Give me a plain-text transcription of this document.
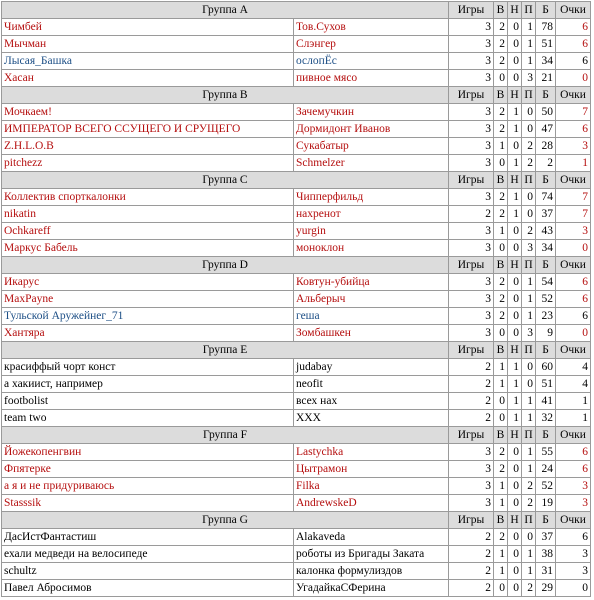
Группа A		Игры	В	Н	П	Б	Очки
Чимбей	Тов.Сухов	3	2	0	1	78	6
Мычман	Слэнгер	3	2	0	1	51	6
Лысая_Башка	ослопЁс	3	2	0	1	34	6
Хасан	пивное мясо	3	0	0	3	21	0
Группа B		Игры	В	Н	П	Б	Очки
Мочкаем!	Зачемучкин	3	2	1	0	50	7
ИМПЕРАТОР ВСЕГО ССУЩЕГО И СРУЩЕГО	Дормидонт Иванов	3	2	1	0	47	6
Z.H.L.O.B	Сукабатыр	3	1	0	2	28	3
pitchezz	Schmelzer	3	0	1	2	2	1
Группа C		Игры	В	Н	П	Б	Очки
Коллектив спорткалонки	Чипперфильд	3	2	1	0	74	7
nikatin	нахренот	2	2	1	0	37	7
Ochkareff	yurgin	3	1	0	2	43	3
Маркус Бабель	моноклон	3	0	0	3	34	0
Группа D		Игры	В	Н	П	Б	Очки
Икарус	Ковтун-убийца	3	2	0	1	54	6
MaxPayne	Альберыч	3	2	0	1	52	6
Тульской Аружейнег_71	геша	3	2	0	1	23	6
Хантяра	Зомбашкен	3	0	0	3	9	0
Группа E		Игры	В	Н	П	Б	Очки
красиффый чорт конст	judabay	2	1	1	0	60	4
а хакиист, например	neofit	2	1	1	0	51	4
footbolist	всех нах	2	0	1	1	41	1
team two	XXX	2	0	1	1	32	1
Группа F		Игры	В	Н	П	Б	Очки
Йожекопенгвин	Lastychka	3	2	0	1	55	6
Фпятерке	Цытрамон	3	2	0	1	24	6
а я и не придуриваюсь	Filka	3	1	0	2	52	3
Stasssik	AndrewskeD	3	1	0	2	19	3
Группа G		Игры	В	Н	П	Б	Очки
ДасИстФантастиш	Alakaveda	2	2	0	0	37	6
ехали медведи на велосипеде	роботы из Бригады Заката	2	1	0	1	38	3
schultz	калонка формулиздов	2	1	0	1	31	3
Павел Абросимов	УгадайкаСФерина	2	0	0	2	29	0
